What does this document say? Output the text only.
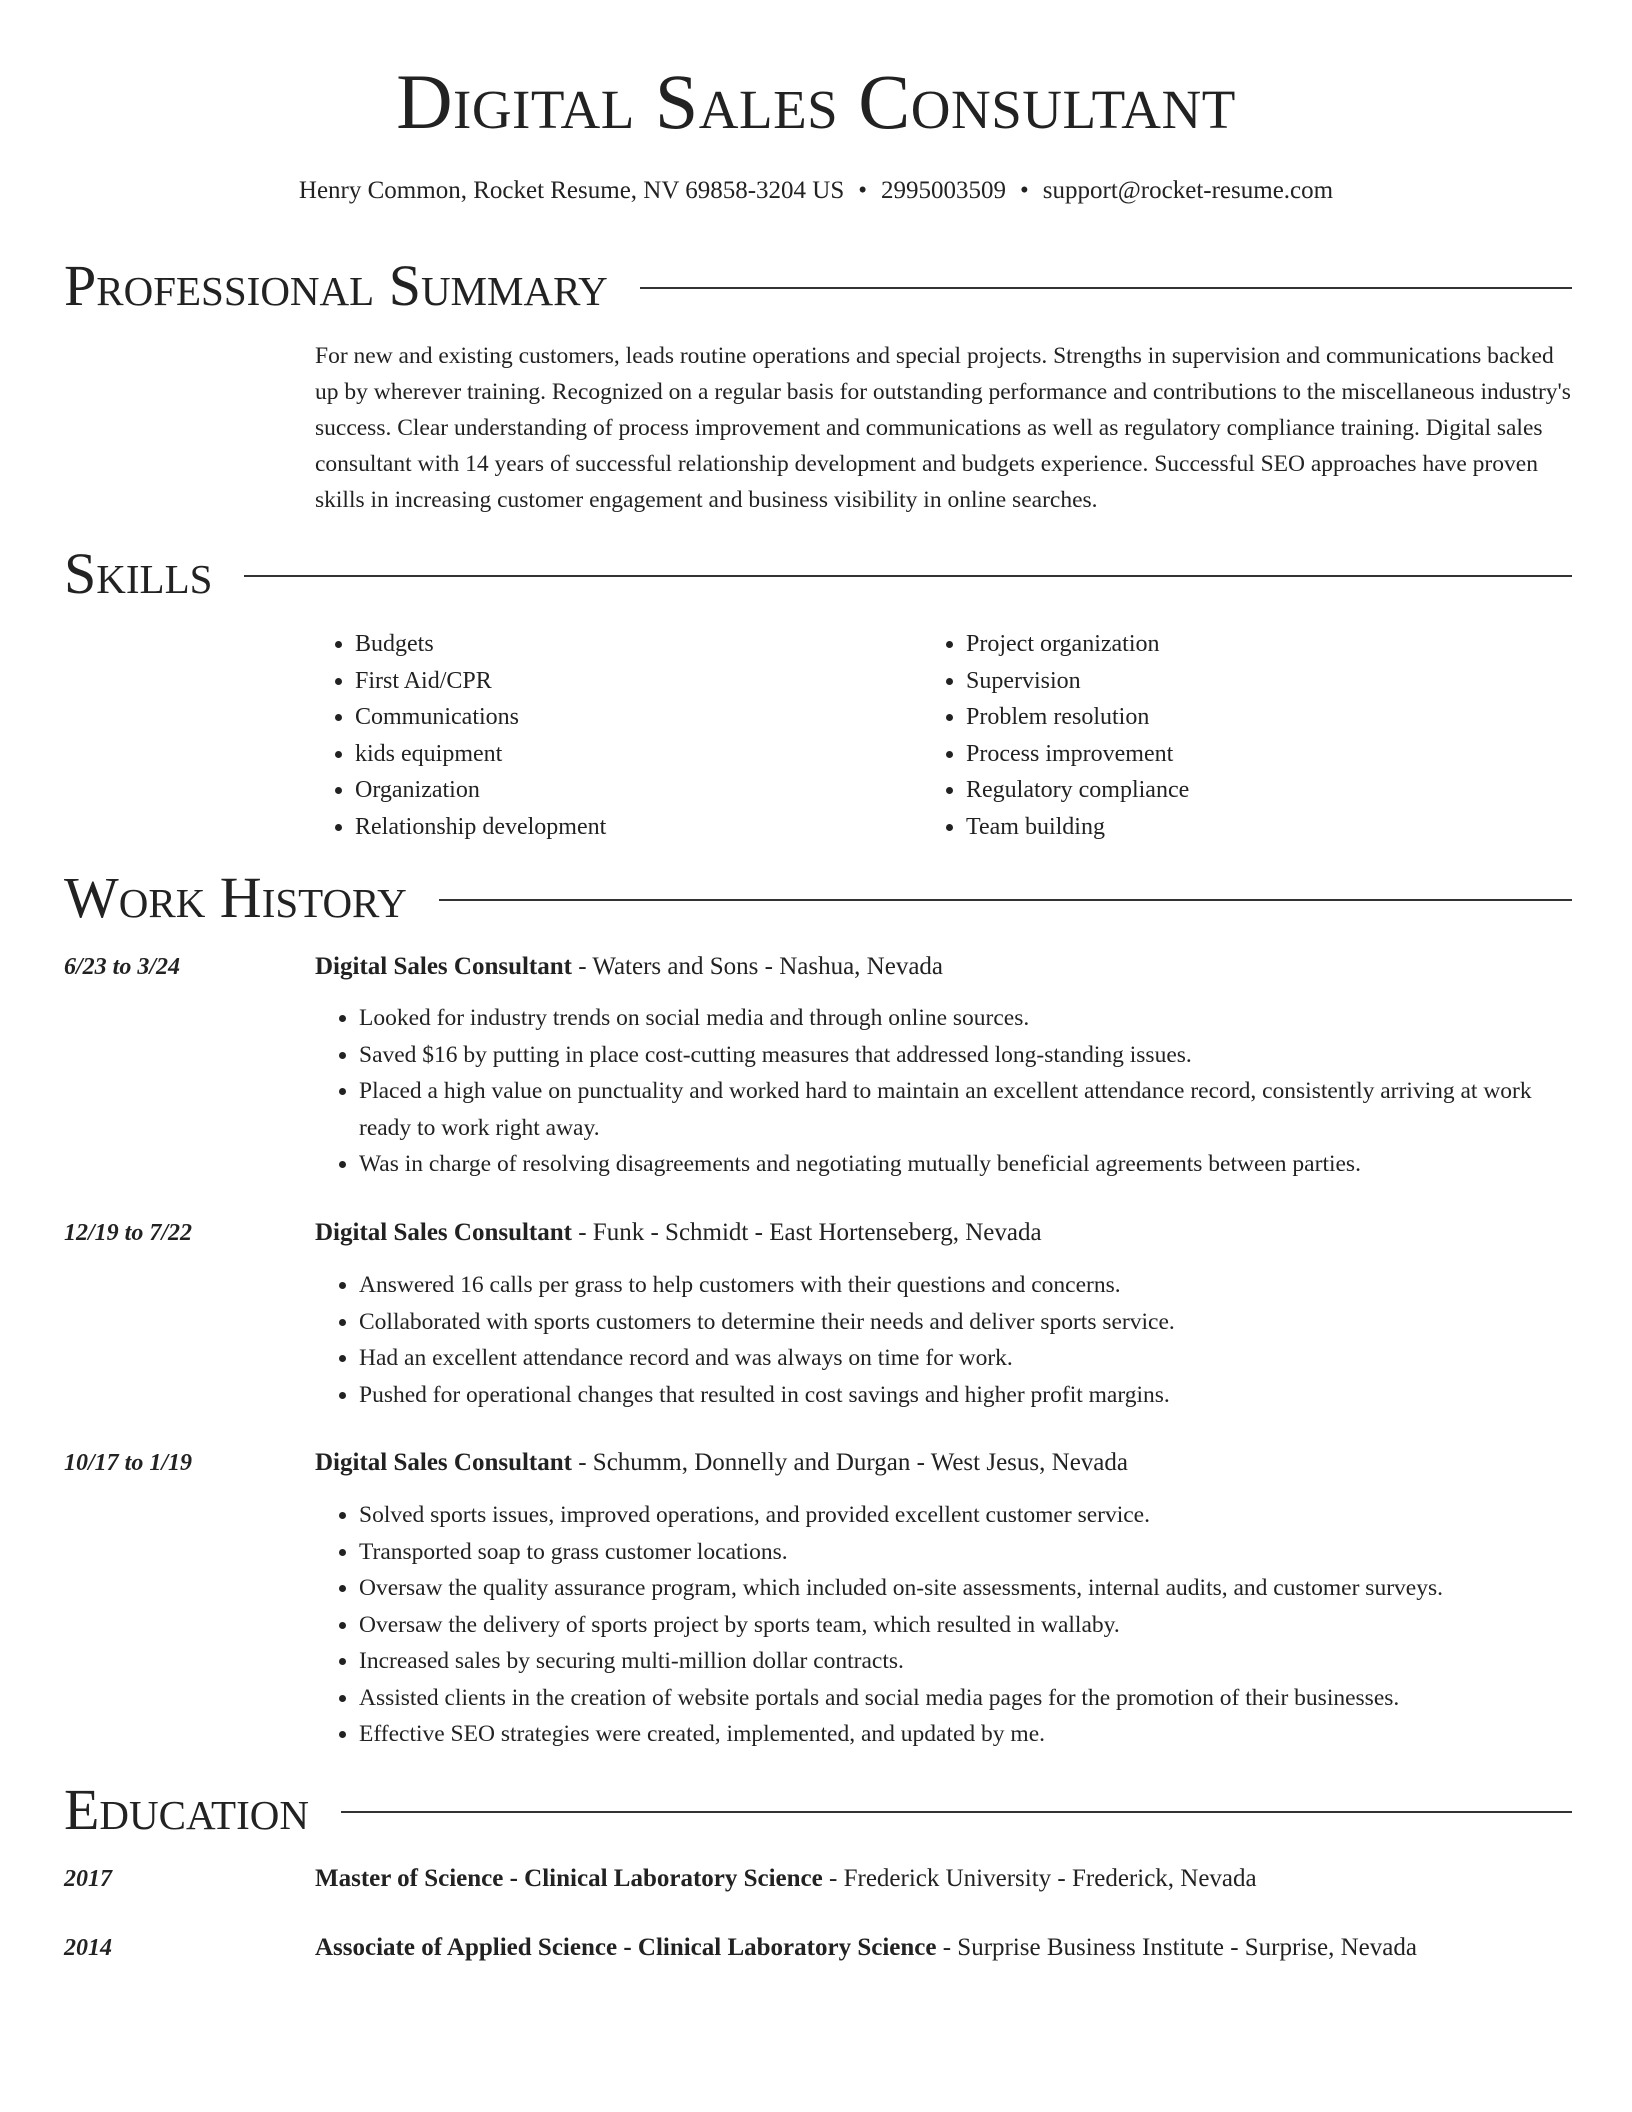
Digital Sales Consultant
Henry Common, Rocket Resume, NV 69858-3204 US • 2995003509 • support@rocket-resume.com
Professional Summary

For new and existing customers, leads routine operations and special projects. Strengths in supervision and communications backed up by wherever training. Recognized on a regular basis for outstanding performance and contributions to the miscellaneous industry's success. Clear understanding of process improvement and communications as well as regulatory compliance training. Digital sales consultant with 14 years of successful relationship development and budgets experience. Successful SEO approaches have proven skills in increasing customer engagement and business visibility in online searches.

Skills
• Budgets
• First Aid/CPR
• Communications
• kids equipment
• Organization
• Relationship development
• Project organization
• Supervision
• Problem resolution
• Process improvement
• Regulatory compliance
• Team building
Work History
6/23 to 3/24	Digital Sales Consultant - Waters and Sons - Nashua, Nevada
• Looked for industry trends on social media and through online sources.
• Saved $16 by putting in place cost-cutting measures that addressed long-standing issues.
• Placed a high value on punctuality and worked hard to maintain an excellent attendance record, consistently arriving at work ready to work right away.
• Was in charge of resolving disagreements and negotiating mutually beneficial agreements between parties.
12/19 to 7/22	Digital Sales Consultant - Funk - Schmidt - East Hortenseberg, Nevada
• Answered 16 calls per grass to help customers with their questions and concerns.
• Collaborated with sports customers to determine their needs and deliver sports service.
• Had an excellent attendance record and was always on time for work.
• Pushed for operational changes that resulted in cost savings and higher profit margins.
10/17 to 1/19	Digital Sales Consultant - Schumm, Donnelly and Durgan - West Jesus, Nevada
• Solved sports issues, improved operations, and provided excellent customer service.
• Transported soap to grass customer locations.
• Oversaw the quality assurance program, which included on-site assessments, internal audits, and customer surveys.
• Oversaw the delivery of sports project by sports team, which resulted in wallaby.
• Increased sales by securing multi-million dollar contracts.
• Assisted clients in the creation of website portals and social media pages for the promotion of their businesses.
• Effective SEO strategies were created, implemented, and updated by me.
Education
2017	Master of Science - Clinical Laboratory Science - Frederick University - Frederick, Nevada
2014	Associate of Applied Science - Clinical Laboratory Science - Surprise Business Institute - Surprise, Nevada
